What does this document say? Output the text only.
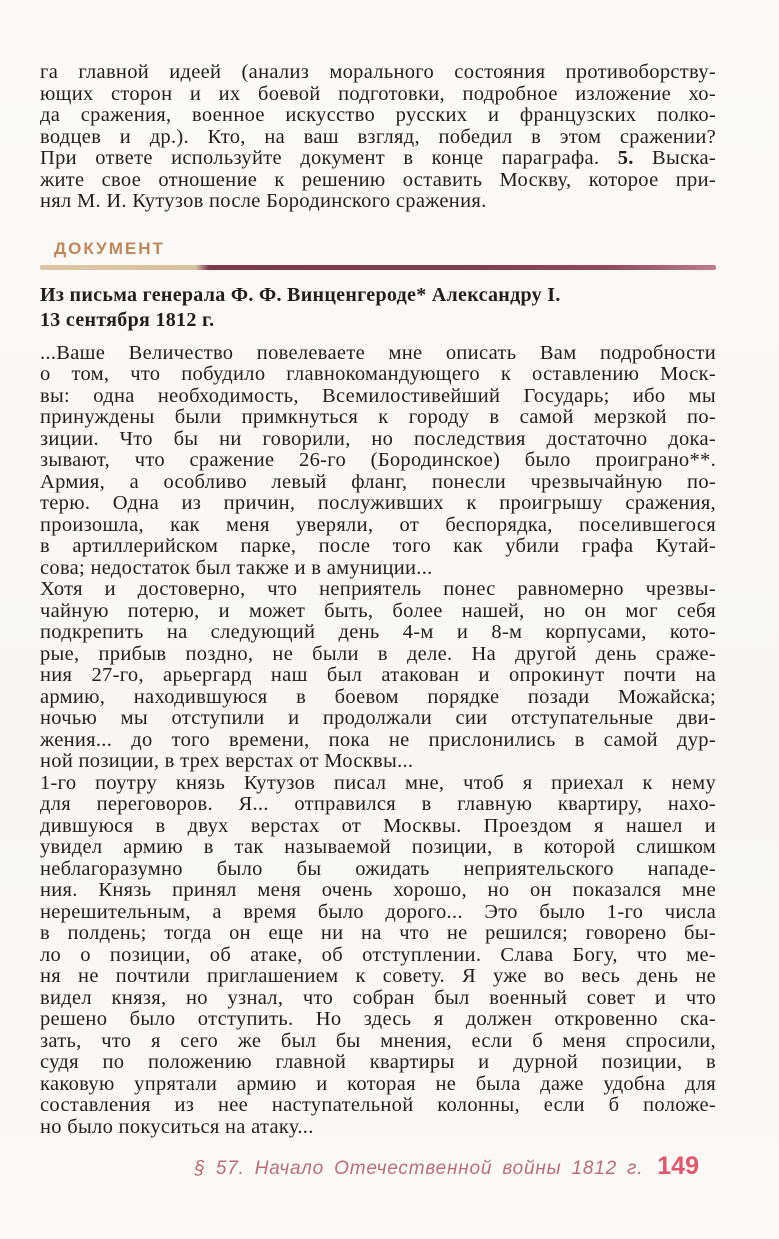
га главной идеей (анализ морального состояния противоборству-
ющих сторон и их боевой подготовки, подробное изложение хо-
да сражения, военное искусство русских и французских полко-
водцев и др.). Кто, на ваш взгляд, победил в этом сражении?
При ответе используйте документ в конце параграфа. 5. Выска-
жите свое отношение к решению оставить Москву, которое при-
нял М. И. Кутузов после Бородинского сражения.
ДОКУМЕНТ
Из письма генерала Ф. Ф. Винценгероде* Александру I.
13 сентября 1812 г.
...Ваше Величество повелеваете мне описать Вам подробности
о том, что побудило главнокомандующего к оставлению Моск-
вы: одна необходимость, Всемилостивейший Государь; ибо мы
принуждены были примкнуться к городу в самой мерзкой по-
зиции. Что бы ни говорили, но последствия достаточно дока-
зывают, что сражение 26-го (Бородинское) было проиграно**.
Армия, а особливо левый фланг, понесли чрезвычайную по-
терю. Одна из причин, послуживших к проигрышу сражения,
произошла, как меня уверяли, от беспорядка, поселившегося
в артиллерийском парке, после того как убили графа Кутай-
сова; недостаток был также и в амуниции...
Хотя и достоверно, что неприятель понес равномерно чрезвы-
чайную потерю, и может быть, более нашей, но он мог себя
подкрепить на следующий день 4-м и 8-м корпусами, кото-
рые, прибыв поздно, не были в деле. На другой день сраже-
ния 27-го, арьергард наш был атакован и опрокинут почти на
армию, находившуюся в боевом порядке позади Можайска;
ночью мы отступили и продолжали сии отступательные дви-
жения... до того времени, пока не прислонились в самой дур-
ной позиции, в трех верстах от Москвы...
1-го поутру князь Кутузов писал мне, чтоб я приехал к нему
для переговоров. Я... отправился в главную квартиру, нахо-
дившуюся в двух верстах от Москвы. Проездом я нашел и
увидел армию в так называемой позиции, в которой слишком
неблагоразумно было бы ожидать неприятельского нападе-
ния. Князь принял меня очень хорошо, но он показался мне
нерешительным, а время было дорого... Это было 1-го числа
в полдень; тогда он еще ни на что не решился; говорено бы-
ло о позиции, об атаке, об отступлении. Слава Богу, что ме-
ня не почтили приглашением к совету. Я уже во весь день не
видел князя, но узнал, что собран был военный совет и что
решено было отступить. Но здесь я должен откровенно ска-
зать, что я сего же был бы мнения, если б меня спросили,
судя по положению главной квартиры и дурной позиции, в
каковую упрятали армию и которая не была даже удобна для
составления из нее наступательной колонны, если б положе-
но было покуситься на атаку...
§ 57. Начало Отечественной войны 1812 г. 149
